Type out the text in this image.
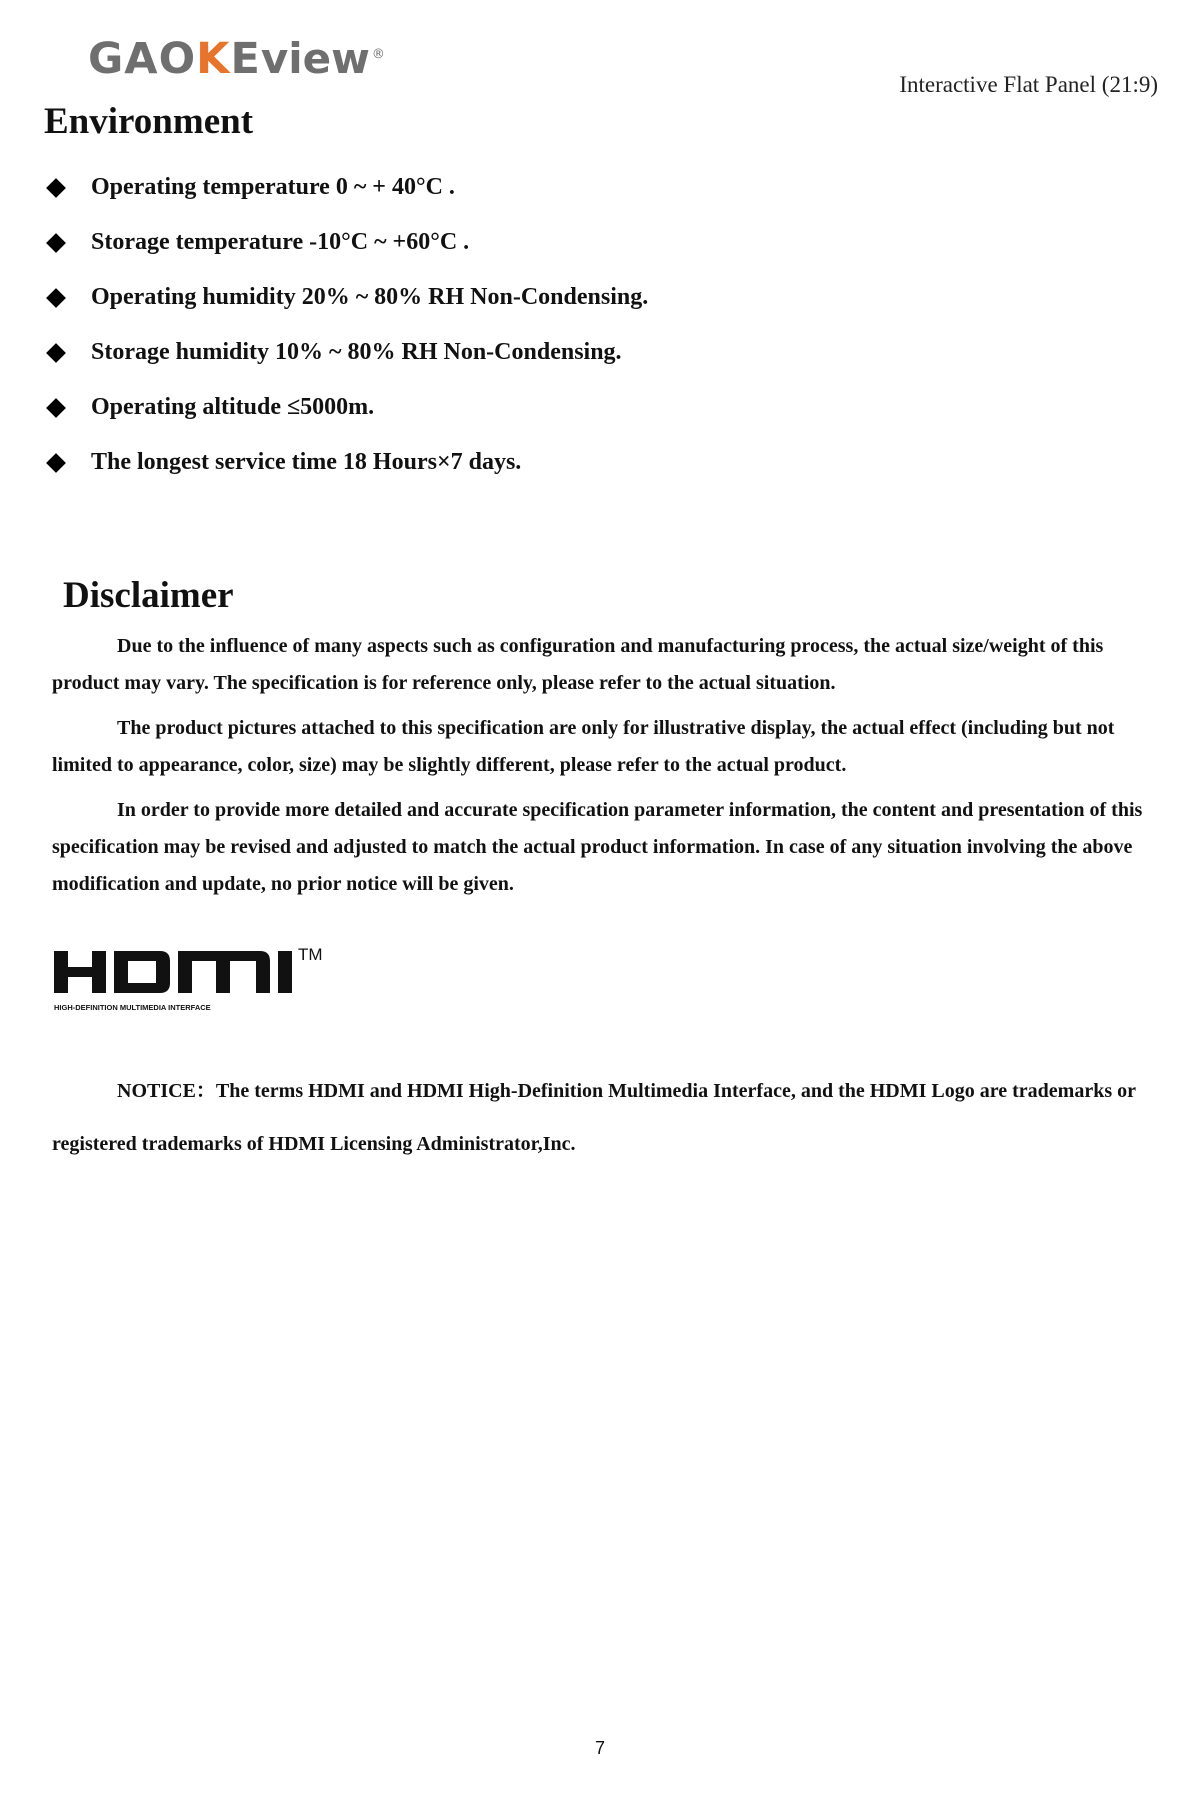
GAOKEview ®
Interactive Flat Panel (21:9)
Environment
Operating temperature 0 ~ + 40°C .
Storage temperature -10°C ~ +60°C .
Operating humidity 20% ~ 80% RH Non-Condensing.
Storage humidity 10% ~ 80% RH Non-Condensing.
Operating altitude ≤5000m.
The longest service time 18 Hours×7 days.
Disclaimer

Due to the influence of many aspects such as configuration and manufacturing process, the actual size/weight of this product may vary. The specification is for reference only, please refer to the actual situation.

The product pictures attached to this specification are only for illustrative display, the actual effect (including but not limited to appearance, color, size) may be slightly different, please refer to the actual product.

In order to provide more detailed and accurate specification parameter information, the content and presentation of this specification may be revised and adjusted to match the actual product information. In case of any situation involving the above modification and update, no prior notice will be given.

TM
HIGH-DEFINITION MULTIMEDIA INTERFACE
NOTICE：The terms HDMI and HDMI High-Definition Multimedia Interface, and the HDMI Logo are trademarks or registered trademarks of HDMI Licensing Administrator,Inc.
7
